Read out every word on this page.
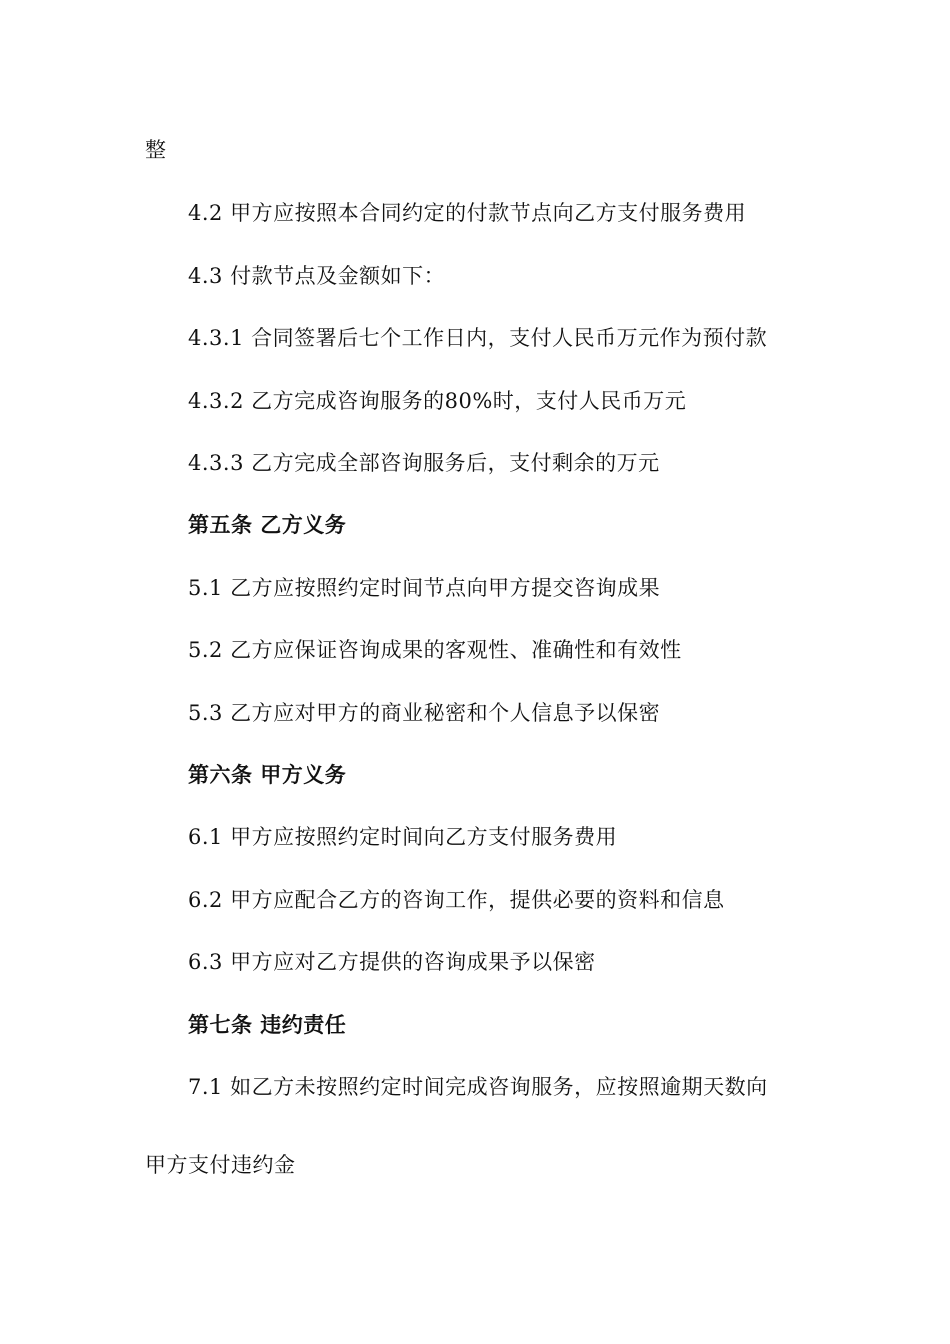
整
4.2 甲方应按照本合同约定的付款节点向乙方支付服务费用
4.3 付款节点及金额如下：
4.3.1 合同签署后七个工作日内，支付人民币万元作为预付款
4.3.2 乙方完成咨询服务的80%时，支付人民币万元
4.3.3 乙方完成全部咨询服务后，支付剩余的万元
第五条 乙方义务
5.1 乙方应按照约定时间节点向甲方提交咨询成果
5.2 乙方应保证咨询成果的客观性、准确性和有效性
5.3 乙方应对甲方的商业秘密和个人信息予以保密
第六条 甲方义务
6.1 甲方应按照约定时间向乙方支付服务费用
6.2 甲方应配合乙方的咨询工作，提供必要的资料和信息
6.3 甲方应对乙方提供的咨询成果予以保密
第七条 违约责任
7.1 如乙方未按照约定时间完成咨询服务，应按照逾期天数向
甲方支付违约金
